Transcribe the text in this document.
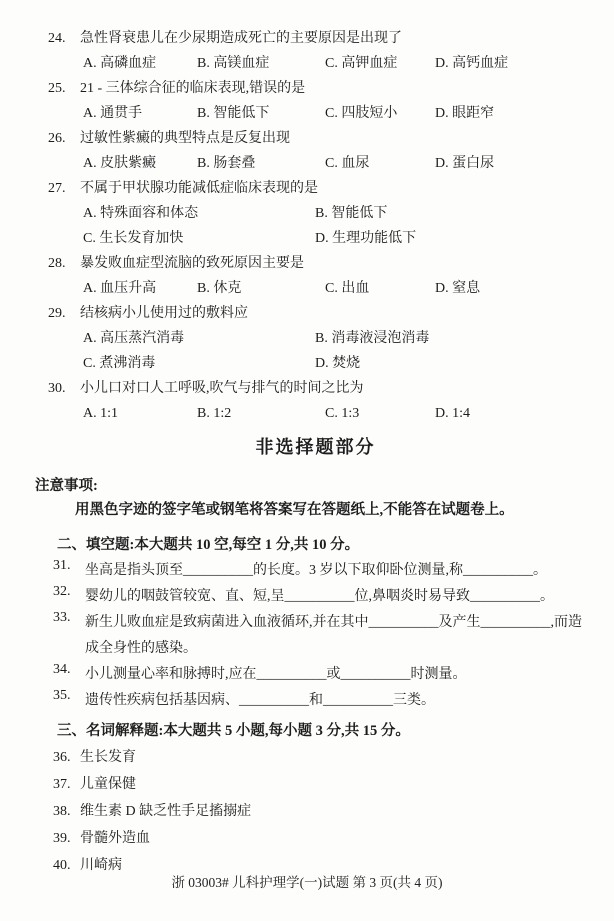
24. 急性肾衰患儿在少尿期造成死亡的主要原因是出现了
A. 高磷血症	B. 高镁血症	C. 高钾血症	D. 高钙血症
25. 21 - 三体综合征的临床表现,错误的是
A. 通贯手	B. 智能低下	C. 四肢短小	D. 眼距窄
26. 过敏性紫癜的典型特点是反复出现
A. 皮肤紫癜	B. 肠套叠	C. 血尿	D. 蛋白尿
27. 不属于甲状腺功能减低症临床表现的是
A. 特殊面容和体态	B. 智能低下
C. 生长发育加快	D. 生理功能低下
28. 暴发败血症型流脑的致死原因主要是
A. 血压升高	B. 休克	C. 出血	D. 窒息
29. 结核病小儿使用过的敷料应
A. 高压蒸汽消毒	B. 消毒液浸泡消毒
C. 煮沸消毒	D. 焚烧
30. 小儿口对口人工呼吸,吹气与排气的时间之比为
A. 1:1	B. 1:2	C. 1:3	D. 1:4
非选择题部分
注意事项:
用黑色字迹的签字笔或钢笔将答案写在答题纸上,不能答在试题卷上。
二、填空题:本大题共 10 空,每空 1 分,共 10 分。
31. 坐高是指头顶至__________的长度。3 岁以下取仰卧位测量,称__________。
32. 婴幼儿的咽鼓管较宽、直、短,呈__________位,鼻咽炎时易导致__________。
33. 新生儿败血症是致病菌进入血液循环,并在其中__________及产生__________,而造
成全身性的感染。
34. 小儿测量心率和脉搏时,应在__________或__________时测量。
35. 遗传性疾病包括基因病、__________和__________三类。
三、名词解释题:本大题共 5 小题,每小题 3 分,共 15 分。
36. 生长发育
37. 儿童保健
38. 维生素 D 缺乏性手足搐搦症
39. 骨髓外造血
40. 川崎病
浙 03003# 儿科护理学(一)试题 第 3 页(共 4 页)
